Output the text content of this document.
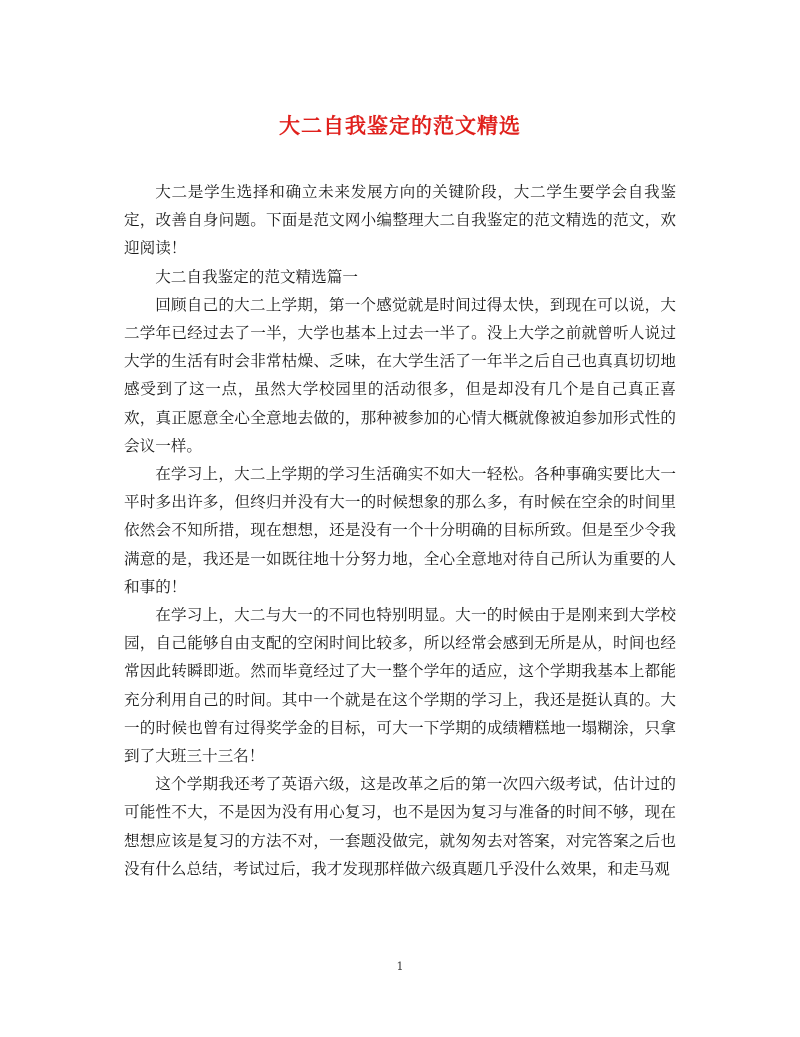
大二自我鉴定的范文精选

大二是学生选择和确立未来发展方向的关键阶段，大二学生要学会自我鉴定，改善自身问题。下面是范文网小编整理大二自我鉴定的范文精选的范文，欢迎阅读！

大二自我鉴定的范文精选篇一

回顾自己的大二上学期，第一个感觉就是时间过得太快，到现在可以说，大二学年已经过去了一半，大学也基本上过去一半了。没上大学之前就曾听人说过大学的生活有时会非常枯燥、乏味，在大学生活了一年半之后自己也真真切切地感受到了这一点，虽然大学校园里的活动很多，但是却没有几个是自己真正喜欢，真正愿意全心全意地去做的，那种被参加的心情大概就像被迫参加形式性的会议一样。

在学习上，大二上学期的学习生活确实不如大一轻松。各种事确实要比大一平时多出许多，但终归并没有大一的时候想象的那么多，有时候在空余的时间里依然会不知所措，现在想想，还是没有一个十分明确的目标所致。但是至少令我满意的是，我还是一如既往地十分努力地，全心全意地对待自己所认为重要的人和事的！

在学习上，大二与大一的不同也特别明显。大一的时候由于是刚来到大学校园，自己能够自由支配的空闲时间比较多，所以经常会感到无所是从，时间也经常因此转瞬即逝。然而毕竟经过了大一整个学年的适应，这个学期我基本上都能充分利用自己的时间。其中一个就是在这个学期的学习上，我还是挺认真的。大一的时候也曾有过得奖学金的目标，可大一下学期的成绩糟糕地一塌糊涂，只拿到了大班三十三名！

这个学期我还考了英语六级，这是改革之后的第一次四六级考试，估计过的可能性不大，不是因为没有用心复习，也不是因为复习与准备的时间不够，现在想想应该是复习的方法不对，一套题没做完，就匆匆去对答案，对完答案之后也没有什么总结，考试过后，我才发现那样做六级真题几乎没什么效果，和走马观

1
